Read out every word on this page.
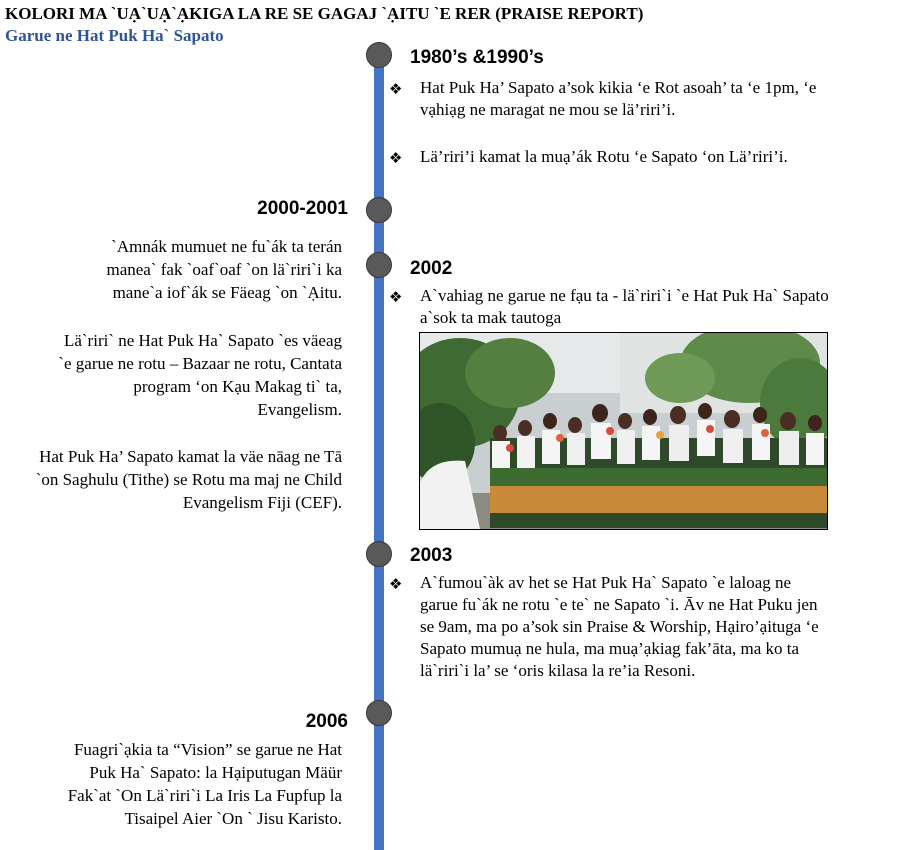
KOLORI MA `UẠ`UẠ`ẠKIGA LA RE SE GAGAJ `ẠITU `E RER (PRAISE REPORT)
Garue ne Hat Puk Ha` Sapato
1980’s &1990’s
❖ Hat Puk Ha’ Sapato a’sok kikia ‘e Rot asoah’ ta ‘e 1pm, ‘e vạhiạg ne maragat ne mou se lä’riri’i.
❖ Lä’riri’i kamat la muạ’ák Rotu ‘e Sapato ‘on Lä’riri’i.
2000-2001
`Amnák mumuet ne fu`ák ta terán manea` fak `oaf`oaf `on lä`riri`i ka mane`a iof`ák se Fäeag `on `Ạitu.
Lä`riri` ne Hat Puk Ha` Sapato `es väeag `e garue ne rotu – Bazaar ne rotu, Cantata program ‘on Kạu Makag ti` ta, Evangelism.
Hat Puk Ha’ Sapato kamat la väe nāag ne Tā `on Saghulu (Tithe) se Rotu ma maj ne Child Evangelism Fiji (CEF).
2002
❖ A`vahiag ne garue ne fạu ta - lä`riri`i `e Hat Puk Ha` Sapato a`sok ta mak tautoga
2003
❖ A`fumou`àk av het se Hat Puk Ha` Sapato `e laloag ne garue fu`ák ne rotu `e te` ne Sapato `i. Āv ne Hat Puku jen se 9am, ma po a’sok sin Praise & Worship, Hạiro’ạituga ‘e Sapato mumuạ ne hula, ma muạ’ạkiag fak’āta, ma ko ta lä`riri`i la’ se ‘oris kilasa la re’ia Resoni.
2006
Fuagri`ạkia ta “Vision” se garue ne Hat Puk Ha` Sapato: la Hạiputugan Mäür Fak`at `On Lä`riri`i La Iris La Fupfup la Tisaipel Aier `On ` Jisu Karisto.
